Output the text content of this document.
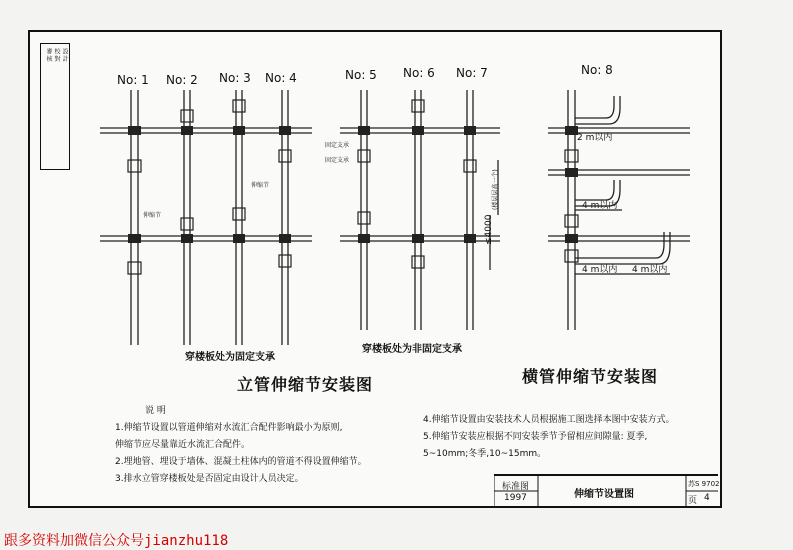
審 核 校 對 設 計
No: 1 No: 2 No: 3 No: 4	No: 5 No: 6 No: 7	No: 8
伸缩节
固定支承
伸缩节
固定支承
≤4000
(楼层层高一个)
2 m以内
4 m以内
4 m以内 4 m以内
穿楼板处为固定支承
穿楼板处为非固定支承
立管伸缩节安装图	横管伸缩节安装图
说 明
1.伸缩节设置以管道伸缩对水流汇合配件影响最小为原则,
伸缩节应尽量靠近水流汇合配件。
2.埋地管、埋设于墙体、混凝土柱体内的管道不得设置伸缩节。
3.排水立管穿楼板处是否固定由设计人员决定。
4.伸缩节设置由安装技术人员根据施工图选择本图中安装方式。
5.伸缩节安装应根据不同安装季节予留相应间隙量: 夏季,
5~10mm;冬季,10~15mm。
标准图
1997	伸缩节设置图
苏S 9702
页 4
跟多资料加微信公众号jianzhu118
